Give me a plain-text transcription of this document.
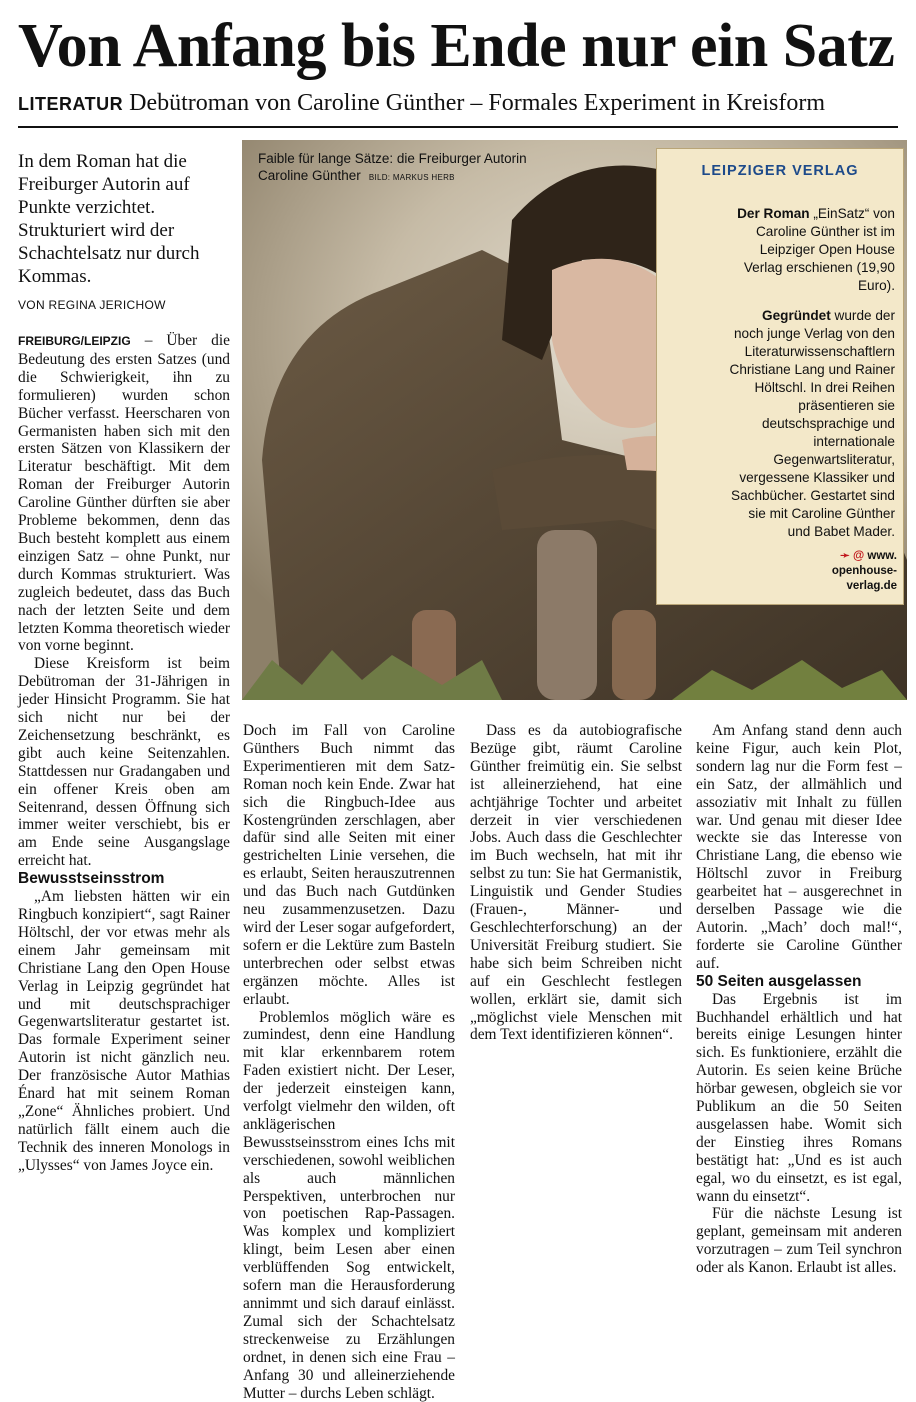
Von Anfang bis Ende nur ein Satz
LITERATUR Debütroman von Caroline Günther – Formales Experiment in Kreisform
In dem Roman hat die Freiburger Autorin auf Punkte verzichtet. Strukturiert wird der Schachtelsatz nur durch Kommas.
VON REGINA JERICHOW

FREIBURG/LEIPZIG – Über die Bedeutung des ersten Satzes (und die Schwierigkeit, ihn zu formulieren) wurden schon Bücher verfasst. Heerscharen von Germanisten haben sich mit den ersten Sätzen von Klassikern der Literatur beschäftigt. Mit dem Roman der Freiburger Autorin Caroline Günther dürften sie aber Probleme bekommen, denn das Buch besteht komplett aus einem einzigen Satz – ohne Punkt, nur durch Kommas strukturiert. Was zugleich bedeutet, dass das Buch nach der letzten Seite und dem letzten Komma theoretisch wieder von vorne beginnt.

Diese Kreisform ist beim Debütroman der 31-Jährigen in jeder Hinsicht Programm. Sie hat sich nicht nur bei der Zeichensetzung beschränkt, es gibt auch keine Seitenzahlen. Stattdessen nur Gradangaben und ein offener Kreis oben am Seitenrand, dessen Öffnung sich immer weiter verschiebt, bis er am Ende seine Ausgangslage erreicht hat.

Bewusstseinsstrom

„Am liebsten hätten wir ein Ringbuch konzipiert“, sagt Rainer Höltschl, der vor etwas mehr als einem Jahr gemeinsam mit Christiane Lang den Open House Verlag in Leipzig gegründet hat und mit deutschsprachiger Gegenwartsliteratur gestartet ist. Das formale Experiment seiner Autorin ist nicht gänzlich neu. Der französische Autor Mathias Énard hat mit seinem Roman „Zone“ Ähnliches probiert. Und natürlich fällt einem auch die Technik des inneren Monologs in „Ulysses“ von James Joyce ein.

Faible für lange Sätze: die Freiburger Autorin Caroline Günther BILD: MARKUS HERB	LEIPZIGER VERLAG

Der Roman „EinSatz“ von Caroline Günther ist im Leipziger Open House Verlag erschienen (19,90 Euro).

Gegründet wurde der noch junge Verlag von den Literaturwissenschaftlern Christiane Lang und Rainer Höltschl. In drei Reihen präsentieren sie deutschsprachige und internationale Gegenwartsliteratur, vergessene Klassiker und Sachbücher. Gestartet sind sie mit Caroline Günther und Babet Mader.

➛ @ www. openhouse-verlag.de

Doch im Fall von Caroline Günthers Buch nimmt das Experimentieren mit dem Satz-Roman noch kein Ende. Zwar hat sich die Ringbuch-Idee aus Kostengründen zerschlagen, aber dafür sind alle Seiten mit einer gestrichelten Linie versehen, die es erlaubt, Seiten herauszutrennen und das Buch nach Gutdünken neu zusammenzusetzen. Dazu wird der Leser sogar aufgefordert, sofern er die Lektüre zum Basteln unterbrechen oder selbst etwas ergänzen möchte. Alles ist erlaubt.

Problemlos möglich wäre es zumindest, denn eine Handlung mit klar erkennbarem rotem Faden existiert nicht. Der Leser, der jederzeit einsteigen kann, verfolgt vielmehr den wilden, oft anklägerischen Bewusstseinsstrom eines Ichs mit verschiedenen, sowohl weiblichen als auch männlichen Perspektiven, unterbrochen nur von poetischen Rap-Passagen. Was komplex und kompliziert klingt, beim Lesen aber einen verblüffenden Sog entwickelt, sofern man die Herausforderung annimmt und sich darauf einlässt. Zumal sich der Schachtelsatz streckenweise zu Erzählungen ordnet, in denen sich eine Frau – Anfang 30 und alleinerziehende Mutter – durchs Leben schlägt.

Dass es da autobiografische Bezüge gibt, räumt Caroline Günther freimütig ein. Sie selbst ist alleinerziehend, hat eine achtjährige Tochter und arbeitet derzeit in vier verschiedenen Jobs. Auch dass die Geschlechter im Buch wechseln, hat mit ihr selbst zu tun: Sie hat Germanistik, Linguistik und Gender Studies (Frauen-, Männer- und Geschlechterforschung) an der Universität Freiburg studiert. Sie habe sich beim Schreiben nicht auf ein Geschlecht festlegen wollen, erklärt sie, damit sich „möglichst viele Menschen mit dem Text identifizieren können“.

Am Anfang stand denn auch keine Figur, auch kein Plot, sondern lag nur die Form fest – ein Satz, der allmählich und assoziativ mit Inhalt zu füllen war. Und genau mit dieser Idee weckte sie das Interesse von Christiane Lang, die ebenso wie Höltschl zuvor in Freiburg gearbeitet hat – ausgerechnet in derselben Passage wie die Autorin. „Mach’ doch mal!“, forderte sie Caroline Günther auf.

50 Seiten ausgelassen

Das Ergebnis ist im Buchhandel erhältlich und hat bereits einige Lesungen hinter sich. Es funktioniere, erzählt die Autorin. Es seien keine Brüche hörbar gewesen, obgleich sie vor Publikum an die 50 Seiten ausgelassen habe. Womit sich der Einstieg ihres Romans bestätigt hat: „Und es ist auch egal, wo du einsetzt, es ist egal, wann du einsetzt“.

Für die nächste Lesung ist geplant, gemeinsam mit anderen vorzutragen – zum Teil synchron oder als Kanon. Erlaubt ist alles.
